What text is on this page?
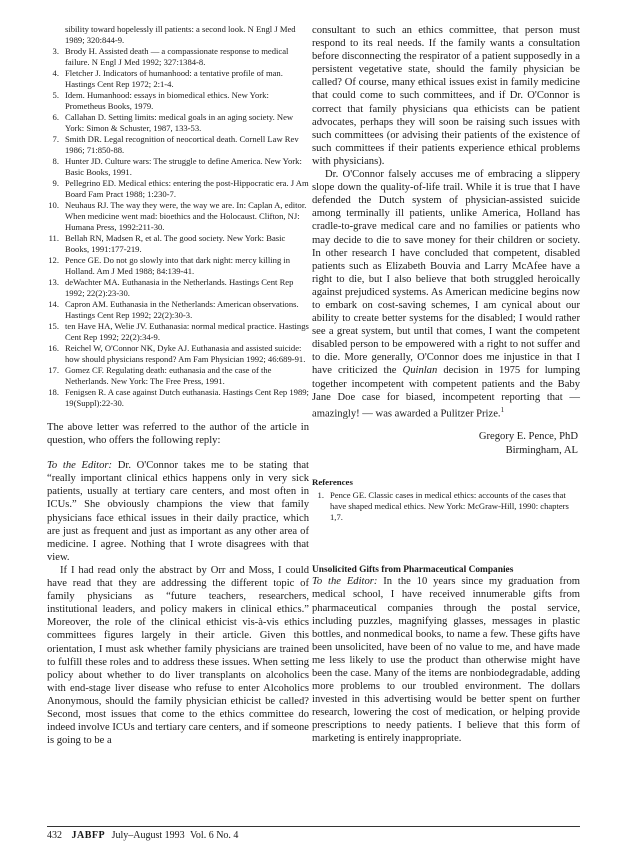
sibility toward hopelessly ill patients: a second look. N Engl J Med 1989; 320:844-9.
3. Brody H. Assisted death — a compassionate response to medical failure. N Engl J Med 1992; 327:1384-8.
4. Fletcher J. Indicators of humanhood: a tentative profile of man. Hastings Cent Rep 1972; 2:1-4.
5. Idem. Humanhood: essays in biomedical ethics. New York: Prometheus Books, 1979.
6. Callahan D. Setting limits: medical goals in an aging society. New York: Simon & Schuster, 1987, 133-53.
7. Smith DR. Legal recognition of neocortical death. Cornell Law Rev 1986; 71:850-88.
8. Hunter JD. Culture wars: The struggle to define America. New York: Basic Books, 1991.
9. Pellegrino ED. Medical ethics: entering the post-Hippocratic era. J Am Board Fam Pract 1988; 1:230-7.
10. Neuhaus RJ. The way they were, the way we are. In: Caplan A, editor. When medicine went mad: bioethics and the Holocaust. Clifton, NJ: Humana Press, 1992:211-30.
11. Bellah RN, Madsen R, et al. The good society. New York: Basic Books, 1991:177-219.
12. Pence GE. Do not go slowly into that dark night: mercy killing in Holland. Am J Med 1988; 84:139-41.
13. deWachter MA. Euthanasia in the Netherlands. Hastings Cent Rep 1992; 22(2):23-30.
14. Capron AM. Euthanasia in the Netherlands: American observations. Hastings Cent Rep 1992; 22(2):30-3.
15. ten Have HA, Welie JV. Euthanasia: normal medical practice. Hastings Cent Rep 1992; 22(2):34-9.
16. Reichel W, O'Connor NK, Dyke AJ. Euthanasia and assisted suicide: how should physicians respond? Am Fam Physician 1992; 46:689-91.
17. Gomez CF. Regulating death: euthanasia and the case of the Netherlands. New York: The Free Press, 1991.
18. Fenigsen R. A case against Dutch euthanasia. Hastings Cent Rep 1989; 19(Suppl):22-30.

The above letter was referred to the author of the article in question, who offers the following reply:

To the Editor: Dr. O'Connor takes me to be stating that “really important clinical ethics happens only in very sick patients, usually at tertiary care centers, and most often in ICUs.” She obviously champions the view that family physicians face ethical issues in their daily practice, which are just as frequent and just as important as any other area of medicine. I agree. Nothing that I wrote disagrees with that view.

If I had read only the abstract by Orr and Moss, I could have read that they are addressing the different topic of family physicians as “future teachers, researchers, institutional leaders, and policy makers in clinical ethics.” Moreover, the role of the clinical ethicist vis-à-vis ethics committees figures largely in their article. Given this orientation, I must ask whether family physicians are trained to fulfill these roles and to address these issues. When setting policy about whether to do liver transplants on alcoholics with end-stage liver disease who refuse to enter Alcoholics Anonymous, should the family physician ethicist be called? Second, most issues that come to the ethics committee do indeed involve ICUs and tertiary care centers, and if someone is going to be a

consultant to such an ethics committee, that person must respond to its real needs. If the family wants a consultation before disconnecting the respirator of a patient supposedly in a persistent vegetative state, should the family physician be called? Of course, many ethical issues exist in family medicine that could come to such committees, and if Dr. O'Connor is correct that family physicians qua ethicists can be patient advocates, perhaps they will soon be raising such issues with such committees (or advising their patients of the existence of such committees if their patients experience ethical problems with physicians).

Dr. O'Connor falsely accuses me of embracing a slippery slope down the quality-of-life trail. While it is true that I have defended the Dutch system of physician-assisted suicide among terminally ill patients, unlike America, Holland has cradle-to-grave medical care and no families or patients who may decide to die to save money for their children or society. In other research I have concluded that competent, disabled patients such as Elizabeth Bouvia and Larry McAfee have a right to die, but I also believe that both struggled heroically against prejudiced systems. As American medicine begins now to embark on cost-saving schemes, I am cynical about our ability to create better systems for the disabled; I would rather see a great system, but until that comes, I want the competent disabled person to be empowered with a right to not suffer and to die. More generally, O'Connor does me injustice in that I have criticized the Quinlan decision in 1975 for lumping together incompetent with competent patients and the Baby Jane Doe case for biased, incompetent reporting that — amazingly! — was awarded a Pulitzer Prize.$^1$

Gregory E. Pence, PhD
Birmingham, AL
References
1. Pence GE. Classic cases in medical ethics: accounts of the cases that have shaped medical ethics. New York: McGraw-Hill, 1990: chapters 1,7.
Unsolicited Gifts from Pharmaceutical Companies

To the Editor: In the 10 years since my graduation from medical school, I have received innumerable gifts from pharmaceutical companies through the postal service, including puzzles, magnifying glasses, messages in plastic bottles, and nonmedical books, to name a few. These gifts have been unsolicited, have been of no value to me, and have made me less likely to use the product than otherwise might have been the case. Many of the items are nonbiodegradable, adding more problems to our troubled environment. The dollars invested in this advertising would be better spent on further research, lowering the cost of medication, or helping provide prescriptions to needy patients. I believe that this form of marketing is entirely inappropriate.

432 JABFP July–August 1993 Vol. 6 No. 4
